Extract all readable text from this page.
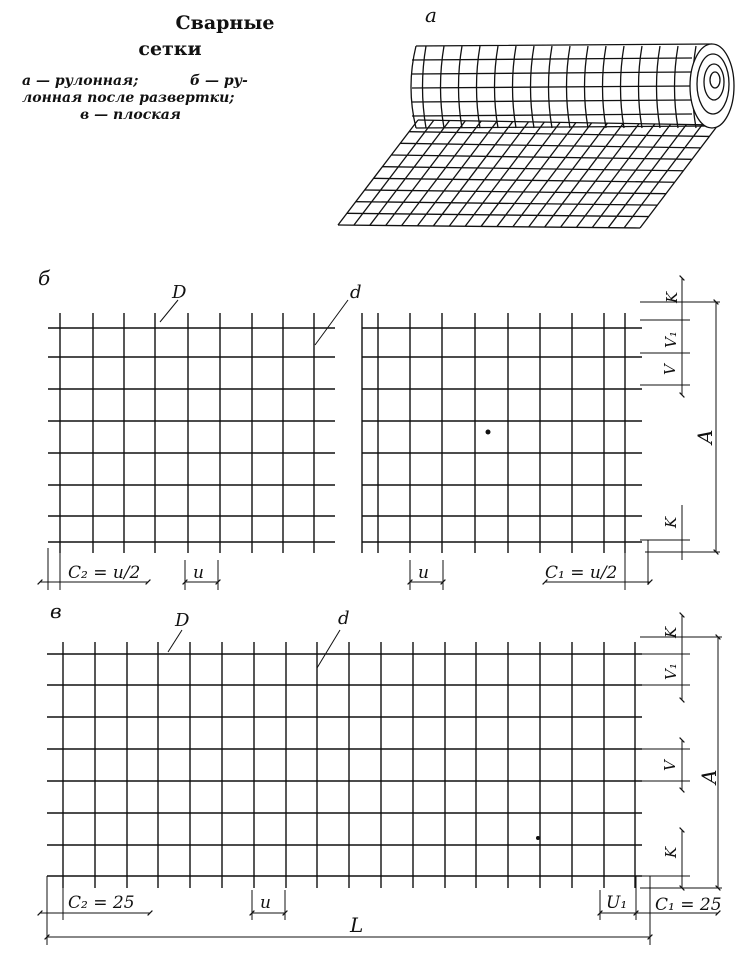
Сварные
сетки
а — рулонная;	б — ру-
лонная после развертки;
в — плоская
а
б
D	d	K
V₁
V
A
K
C₂ = u/2	u	u	C₁ = u/2
в	D	d
K
V₁
V
A
K
C₂ = 25	u	U₁ C₁ = 25
L
